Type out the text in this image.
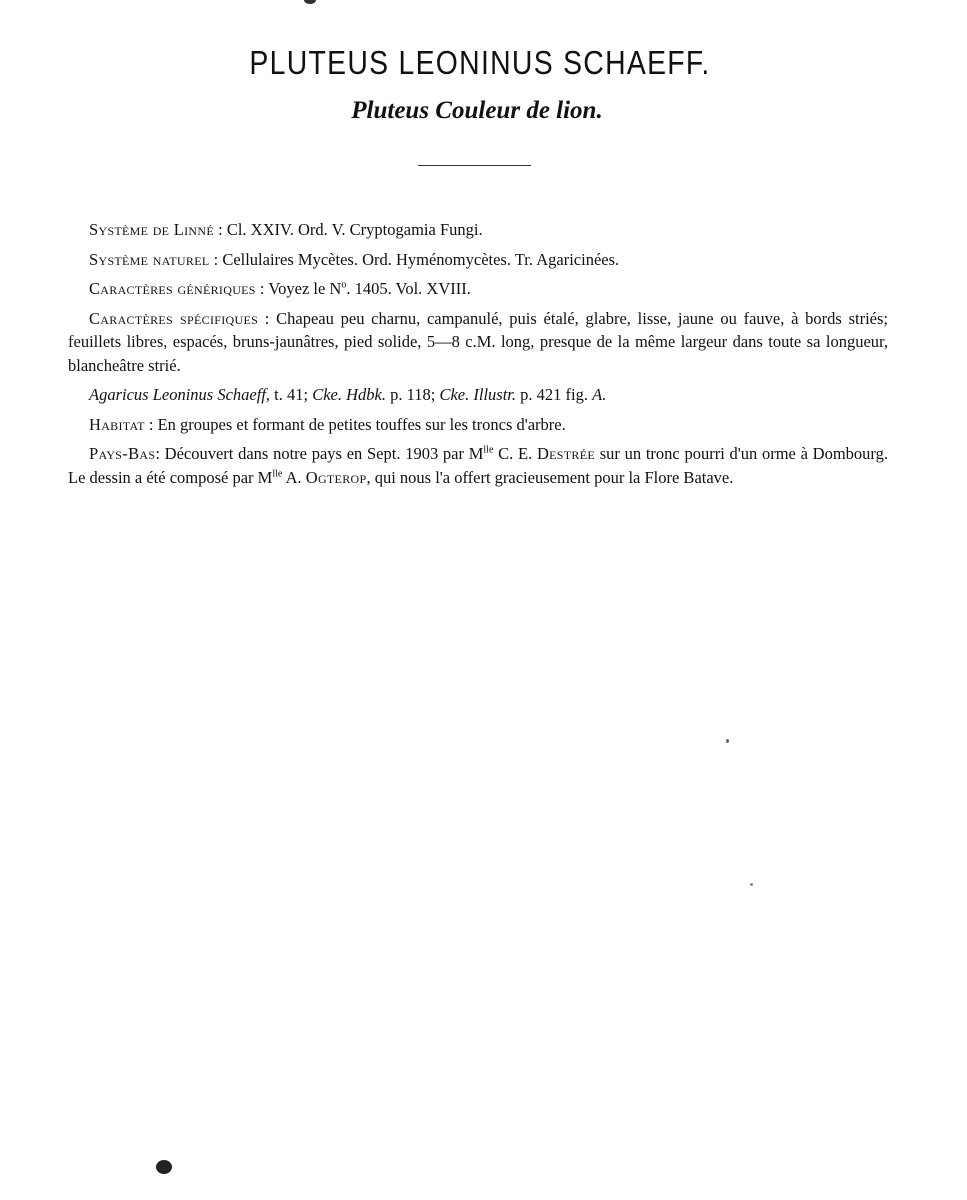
PLUTEUS LEONINUS SCHAEFF.
Pluteus Couleur de lion.

Système de Linné : Cl. XXIV. Ord. V. Cryptogamia Fungi.

Système naturel : Cellulaires Mycètes. Ord. Hyménomycètes. Tr. Agaricinées.

Caractères génériques : Voyez le $N^o$. 1405. Vol. XVIII.

Caractères spécifiques : Chapeau peu charnu, campanulé, puis étalé, glabre, lisse, jaune ou fauve, à bords striés; feuillets libres, espacés, bruns-jaunâtres, pied solide, 5—8 c.M. long, presque de la même largeur dans toute sa longueur, blancheâtre strié.

Agaricus Leoninus Schaeff, t. 41; Cke. Hdbk. p. 118; Cke. Illustr. p. 421 fig. A.

Habitat : En groupes et formant de petites touffes sur les troncs d'arbre.

Pays-Bas: Découvert dans notre pays en Sept. 1903 par $M^{lle}$ C. E. Destrée sur un tronc pourri d'un orme à Dombourg. Le dessin a été composé par $M^{lle}$ A. Ogterop, qui nous l'a offert gracieusement pour la Flore Batave.
